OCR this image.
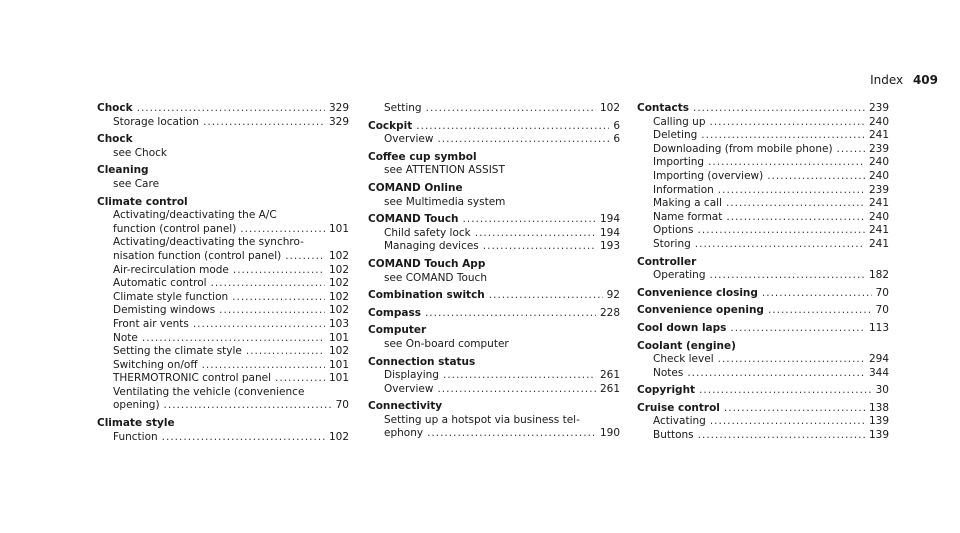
Index 409
Chock .....	329
Storage location .....	329
Chock
see Chock
Cleaning
see Care
Climate control
Activating/deactivating the A/C
function (control panel) .....	101
Activating/deactivating the synchro-
nisation function (control panel) .....	102
Air-recirculation mode .....	102
Automatic control .....	102
Climate style function .....	102
Demisting windows .....	102
Front air vents .....	103
Note .....	101
Setting the climate style .....	102
Switching on/off .....	101
THERMOTRONIC control panel .....	101
Ventilating the vehicle (convenience
opening) .....	70
Climate style
Function .....	102
Setting .....	102
Cockpit .....	6
Overview .....	6
Coffee cup symbol
see ATTENTION ASSIST
COMAND Online
see Multimedia system
COMAND Touch .....	194
Child safety lock .....	194
Managing devices .....	193
COMAND Touch App
see COMAND Touch
Combination switch .....	92
Compass .....	228
Computer
see On-board computer
Connection status
Displaying .....	261
Overview .....	261
Connectivity
Setting up a hotspot via business tel-
ephony .....	190
Contacts .....	239
Calling up .....	240
Deleting .....	241
Downloading (from mobile phone) .....	239
Importing .....	240
Importing (overview) .....	240
Information .....	239
Making a call .....	241
Name format .....	240
Options .....	241
Storing .....	241
Controller
Operating .....	182
Convenience closing .....	70
Convenience opening .....	70
Cool down laps .....	113
Coolant (engine)
Check level .....	294
Notes .....	344
Copyright .....	30
Cruise control .....	138
Activating .....	139
Buttons .....	139
